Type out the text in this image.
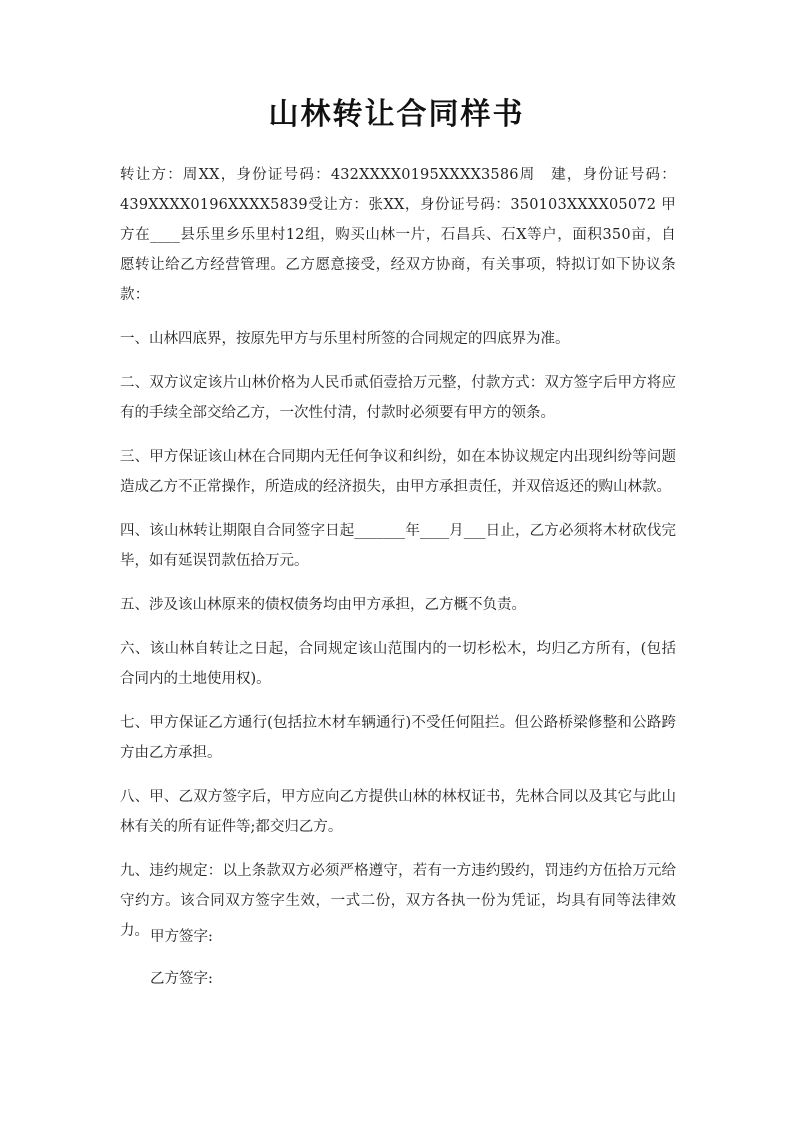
山林转让合同样书

转让方：周XX，身份证号码：432XXXX0195XXXX3586周　建，身份证号码：439XXXX0196XXXX5839受让方：张XX，身份证号码：350103XXXX05072 甲方在____县乐里乡乐里村12组，购买山林一片，石昌兵、石X等户，面积350亩，自愿转让给乙方经营管理。乙方愿意接受，经双方协商，有关事项，特拟订如下协议条款：

一、山林四底界，按原先甲方与乐里村所签的合同规定的四底界为准。

二、双方议定该片山林价格为人民币贰佰壹拾万元整，付款方式：双方签字后甲方将应有的手续全部交给乙方，一次性付清，付款时必须要有甲方的领条。

三、甲方保证该山林在合同期内无任何争议和纠纷，如在本协议规定内出现纠纷等问题造成乙方不正常操作，所造成的经济损失，由甲方承担责任，并双倍返还的购山林款。

四、该山林转让期限自合同签字日起_______年____月___日止，乙方必须将木材砍伐完毕，如有延误罚款伍拾万元。

五、涉及该山林原来的债权债务均由甲方承担，乙方概不负责。

六、该山林自转让之日起，合同规定该山范围内的一切杉松木，均归乙方所有，(包括合同内的土地使用权)。

七、甲方保证乙方通行(包括拉木材车辆通行)不受任何阻拦。但公路桥梁修整和公路跨方由乙方承担。

八、甲、乙双方签字后，甲方应向乙方提供山林的林权证书，先林合同以及其它与此山林有关的所有证件等;都交归乙方。

九、违约规定：以上条款双方必须严格遵守，若有一方违约毁约，罚违约方伍拾万元给守约方。该合同双方签字生效，一式二份，双方各执一份为凭证，均具有同等法律效力。 甲方签字:

乙方签字:
